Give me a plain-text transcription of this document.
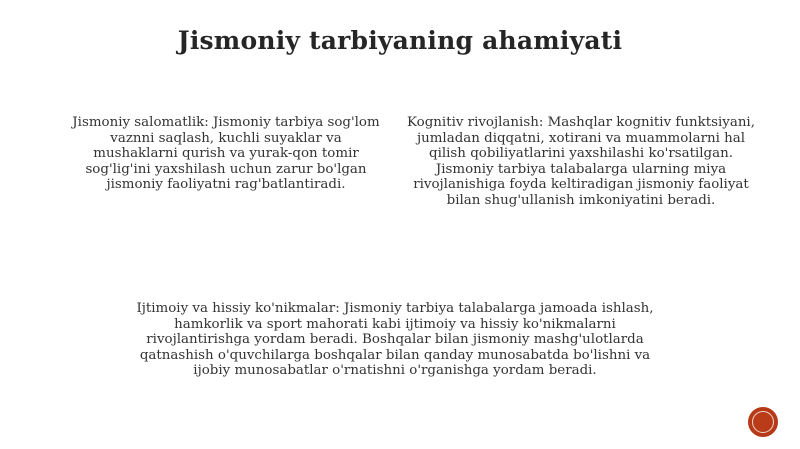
Jismoniy tarbiyaning ahamiyati
Jismoniy salomatlik: Jismoniy tarbiya sog'lom vaznni saqlash, kuchli suyaklar va mushaklarni qurish va yurak-qon tomir sog'lig'ini yaxshilash uchun zarur bo'lgan jismoniy faoliyatni rag'batlantiradi.
Kognitiv rivojlanish: Mashqlar kognitiv funktsiyani, jumladan diqqatni, xotirani va muammolarni hal qilish qobiliyatlarini yaxshilashi ko'rsatilgan. Jismoniy tarbiya talabalarga ularning miya rivojlanishiga foyda keltiradigan jismoniy faoliyat bilan shug'ullanish imkoniyatini beradi.
Ijtimoiy va hissiy ko'nikmalar: Jismoniy tarbiya talabalarga jamoada ishlash, hamkorlik va sport mahorati kabi ijtimoiy va hissiy ko'nikmalarni rivojlantirishga yordam beradi. Boshqalar bilan jismoniy mashg'ulotlarda qatnashish o'quvchilarga boshqalar bilan qanday munosabatda bo'lishni va ijobiy munosabatlar o'rnatishni o'rganishga yordam beradi.
